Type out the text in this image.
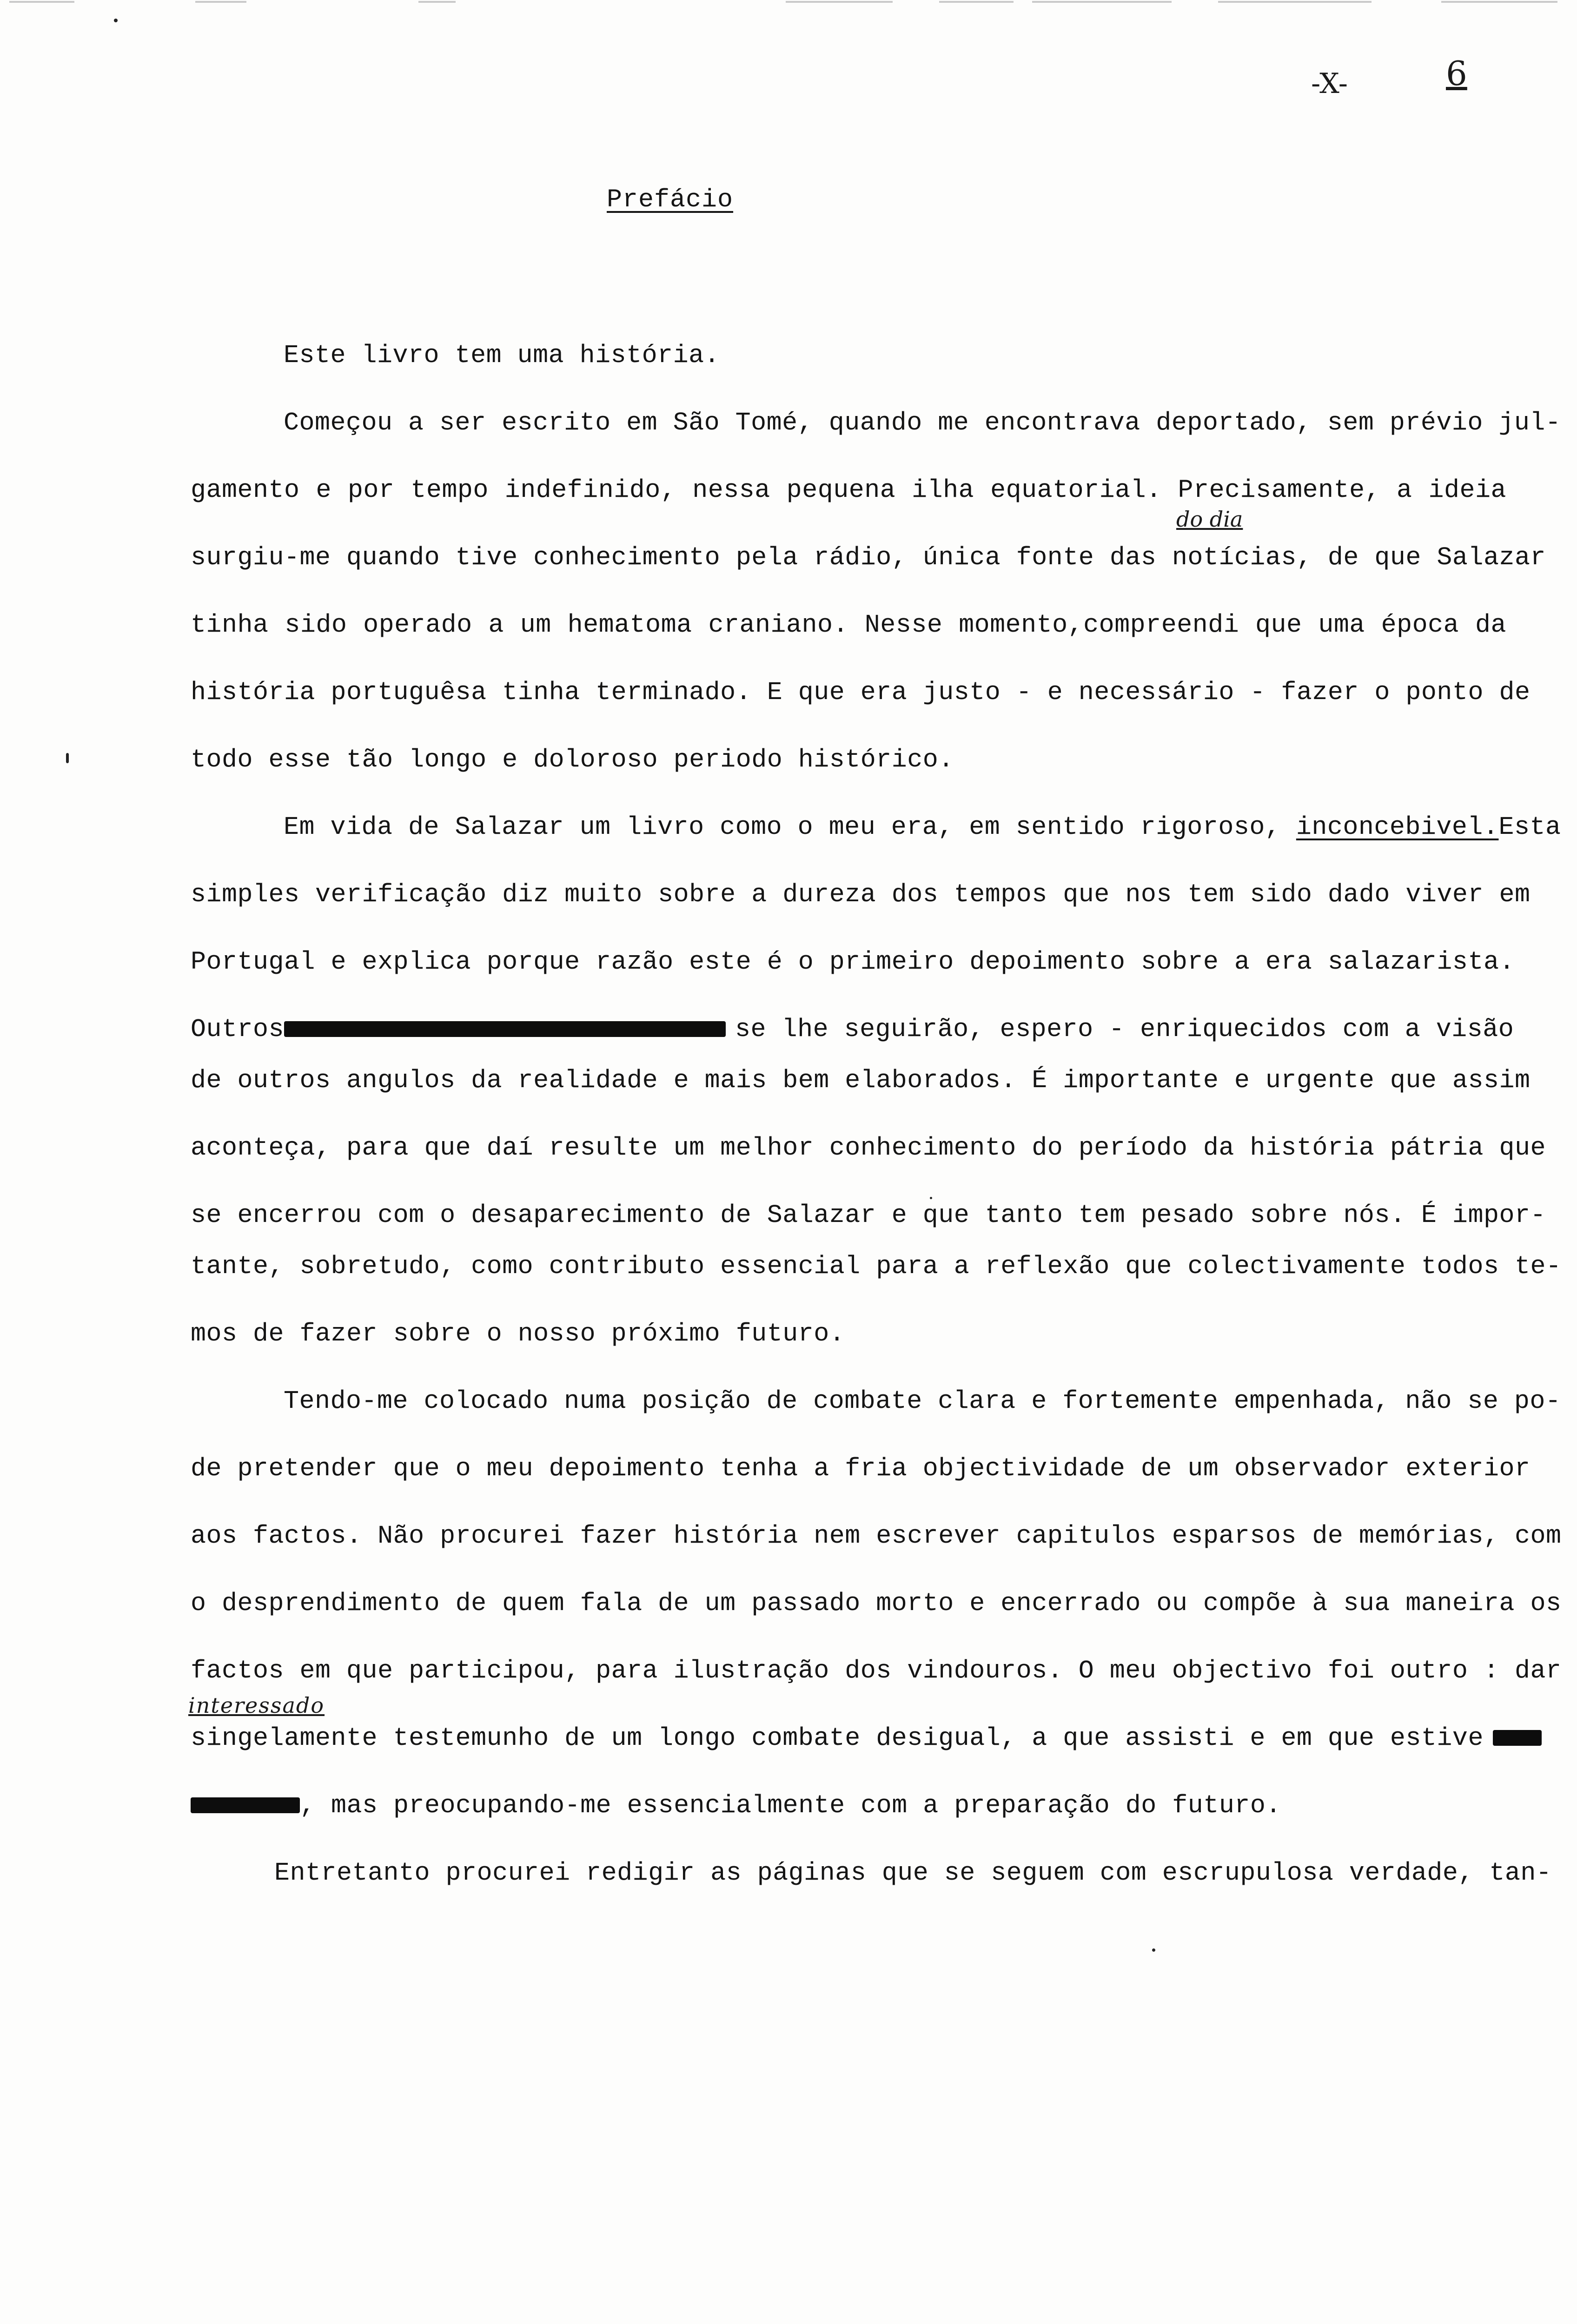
-X-	6
Prefácio
Este livro tem uma história.
Começou a ser escrito em São Tomé, quando me encontrava deportado, sem prévio jul-
gamento e por tempo indefinido, nessa pequena ilha equatorial. Precisamente, a ideia
surgiu-me quando tive conhecimento pela rádio, única fonte das notícias, de que Salazar
tinha sido operado a um hematoma craniano. Nesse momento,compreendi que uma época da
história portuguêsa tinha terminado. E que era justo - e necessário - fazer o ponto de
todo esse tão longo e doloroso periodo histórico.
Em vida de Salazar um livro como o meu era, em sentido rigoroso, inconcebivel.Esta
simples verificação diz muito sobre a dureza dos tempos que nos tem sido dado viver em
Portugal e explica porque razão este é o primeiro depoimento sobre a era salazarista.
Outros	se lhe seguirão, espero - enriquecidos com a visão
de outros angulos da realidade e mais bem elaborados. É importante e urgente que assim
aconteça, para que daí resulte um melhor conhecimento do período da história pátria que
se encerrou com o desaparecimento de Salazar e que tanto tem pesado sobre nós. É impor-
tante, sobretudo, como contributo essencial para a reflexão que colectivamente todos te-
mos de fazer sobre o nosso próximo futuro.
Tendo-me colocado numa posição de combate clara e fortemente empenhada, não se po-
de pretender que o meu depoimento tenha a fria objectividade de um observador exterior
aos factos. Não procurei fazer história nem escrever capitulos esparsos de memórias, com
o desprendimento de quem fala de um passado morto e encerrado ou compõe à sua maneira os
factos em que participou, para ilustração dos vindouros. O meu objectivo foi outro : dar
singelamente testemunho de um longo combate desigual, a que assisti e em que estive
, mas preocupando-me essencialmente com a preparação do futuro.
Entretanto procurei redigir as páginas que se seguem com escrupulosa verdade, tan-
do dia
interessado
